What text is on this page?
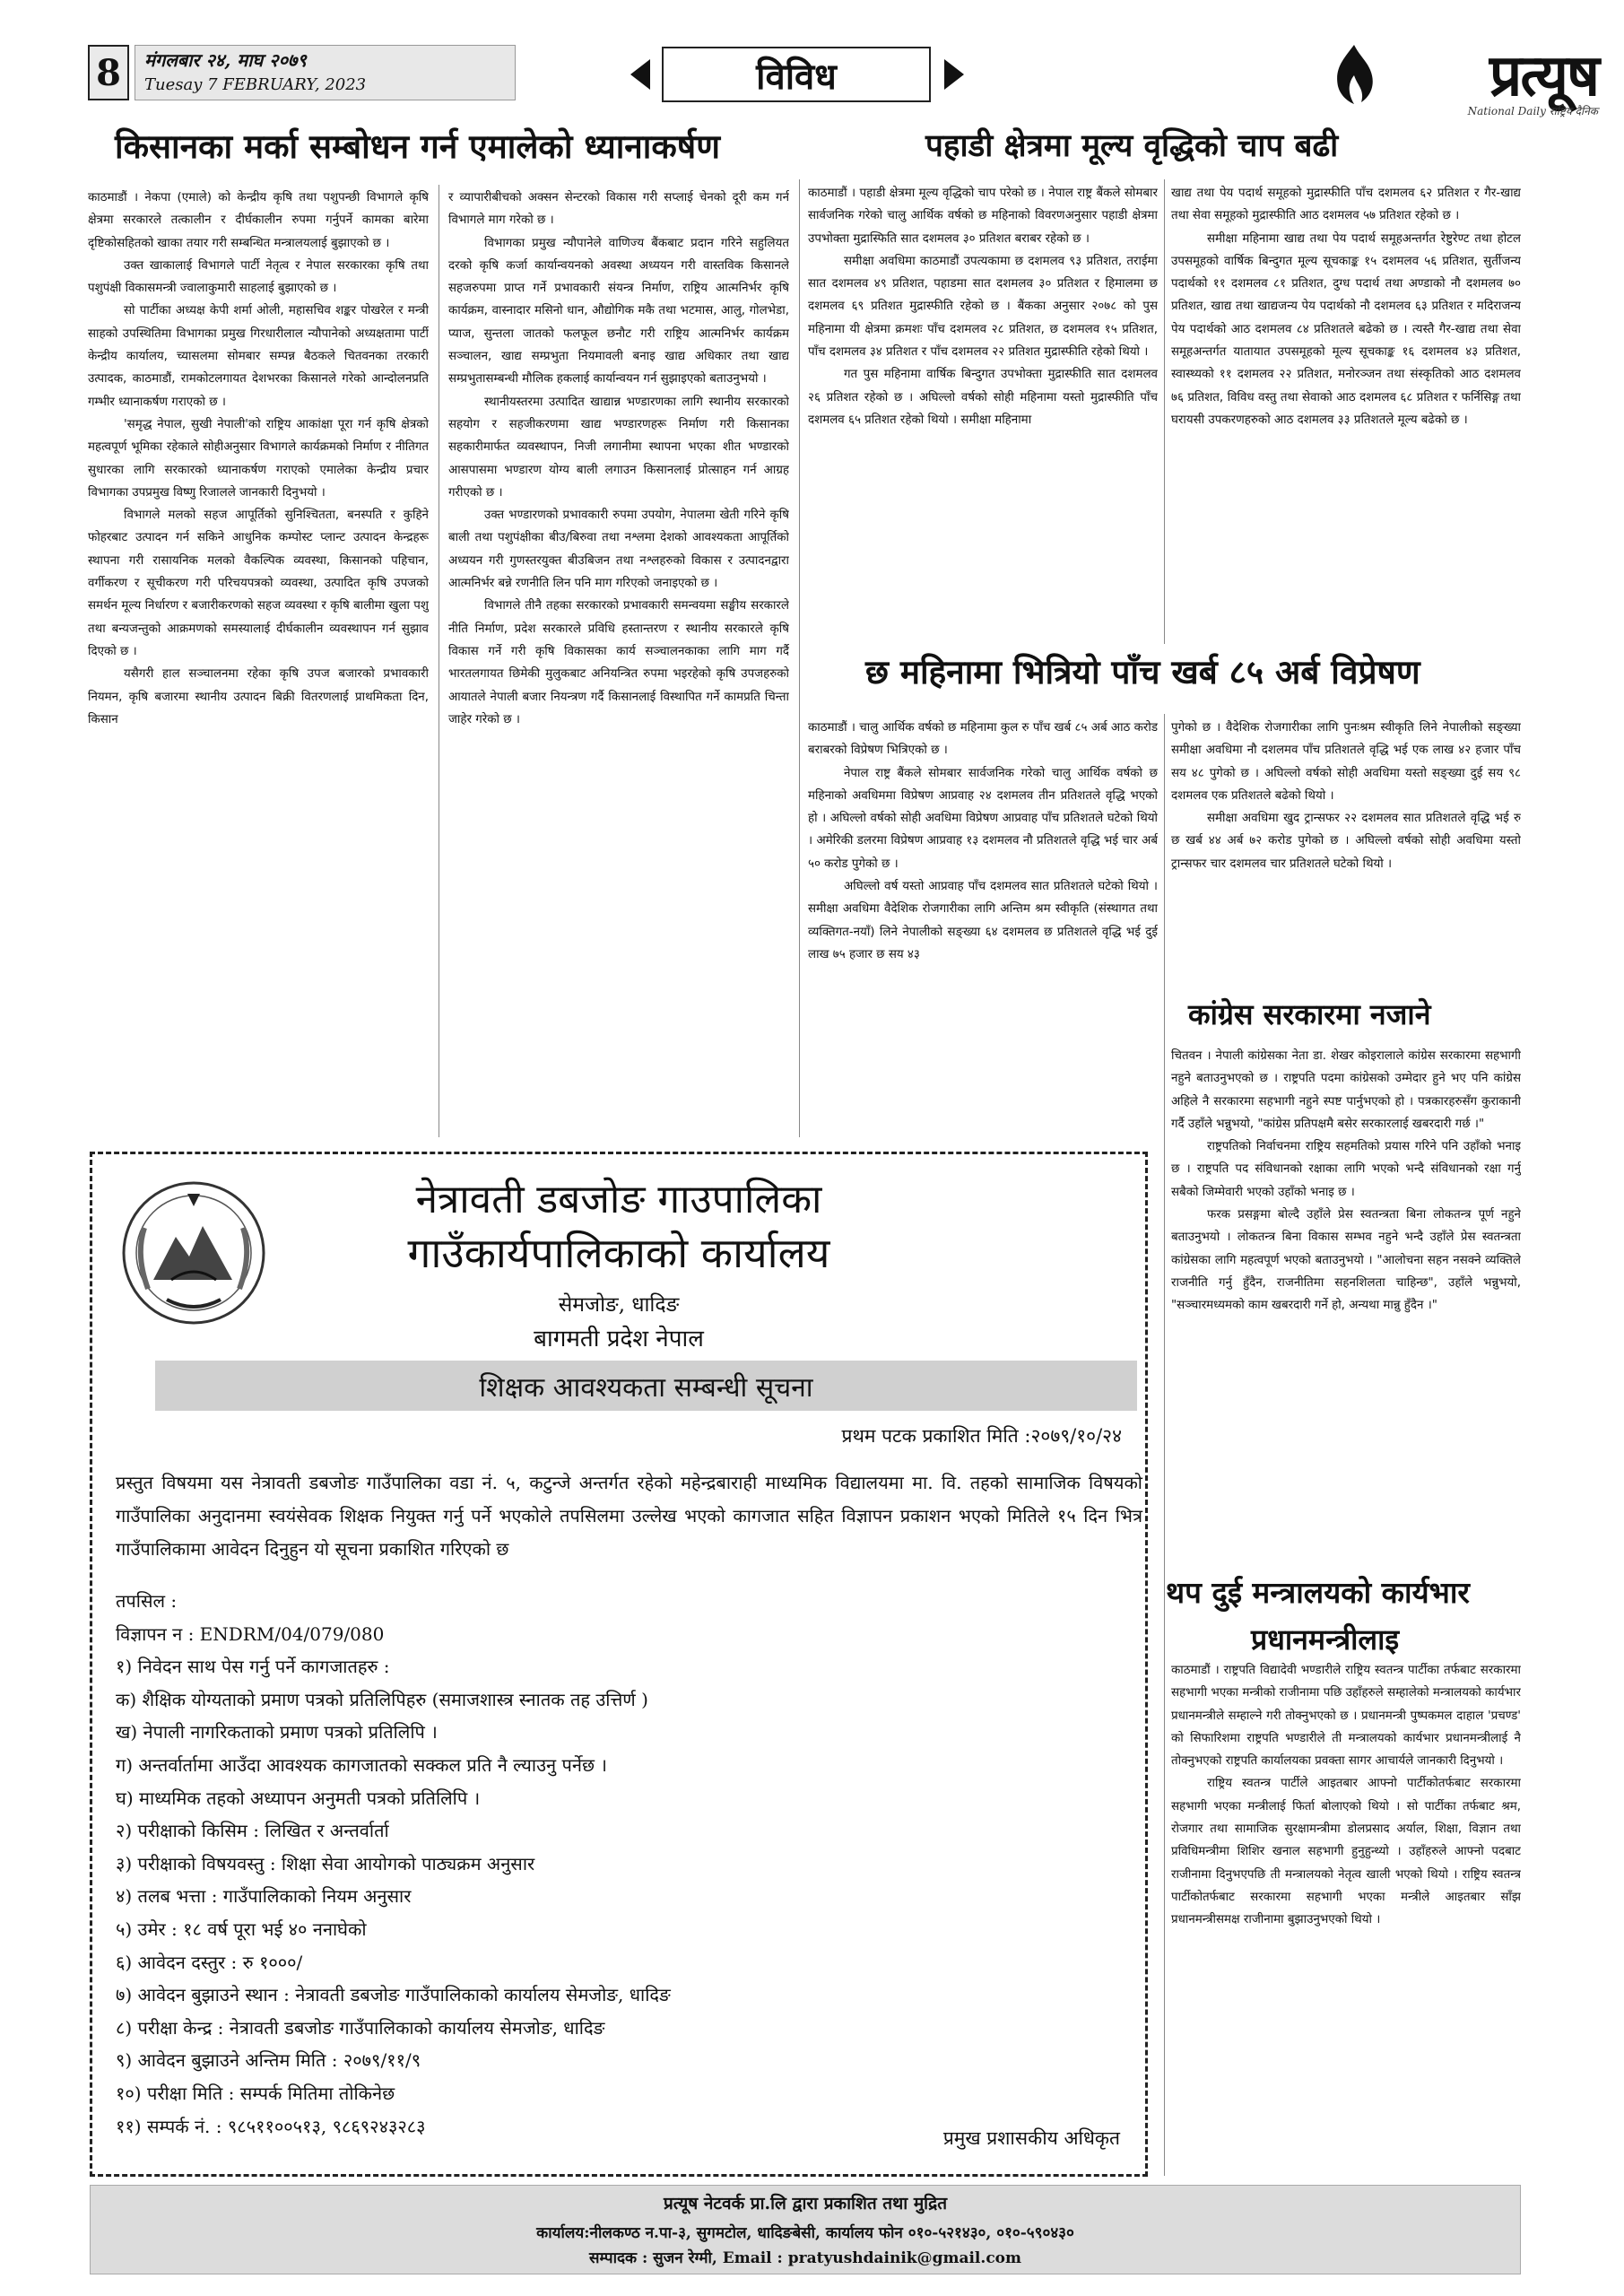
8	मंगलबार २४, माघ २०७९
Tuesay 7 FEBRUARY, 2023	विविध	प्रत्यूष
National Daily राष्ट्रिय दैनिक
किसानका मर्का सम्बोधन गर्न एमालेको ध्यानाकर्षण	पहाडी क्षेत्रमा मूल्य वृद्धिको चाप बढी
छ महिनामा भित्रियो पाँच खर्ब ८५ अर्ब विप्रेषण
कांग्रेस सरकारमा नजाने
थप दुई मन्त्रालयको कार्यभार
प्रधानमन्त्रीलाइ

काठमाडौं । नेकपा (एमाले) को केन्द्रीय कृषि तथा पशुपन्छी विभागले कृषि क्षेत्रमा सरकारले तत्कालीन र दीर्घकालीन रुपमा गर्नुपर्ने कामका बारेमा दृष्टिकोसहितको खाका तयार गरी सम्बन्धित मन्त्रालयलाई बुझाएको छ ।

उक्त खाकालाई विभागले पार्टी नेतृत्व र नेपाल सरकारका कृषि तथा पशुपंक्षी विकासमन्त्री ज्वालाकुमारी साहलाई बुझाएको छ ।

सो पार्टीका अध्यक्ष केपी शर्मा ओली, महासचिव शङ्कर पोखरेल र मन्त्री साहको उपस्थितिमा विभागका प्रमुख गिरधारीलाल न्यौपानेको अध्यक्षतामा पार्टी केन्द्रीय कार्यालय, च्यासलमा सोमबार सम्पन्न बैठकले चितवनका तरकारी उत्पादक, काठमाडौं, रामकोटलगायत देशभरका किसानले गरेको आन्दोलनप्रति गम्भीर ध्यानाकर्षण गराएको छ ।

'समृद्ध नेपाल, सुखी नेपाली'को राष्ट्रिय आकांक्षा पूरा गर्न कृषि क्षेत्रको महत्वपूर्ण भूमिका रहेकाले सोहीअनुसार विभागले कार्यक्रमको निर्माण र नीतिगत सुधारका लागि सरकारको ध्यानाकर्षण गराएको एमालेका केन्द्रीय प्रचार विभागका उपप्रमुख विष्णु रिजालले जानकारी दिनुभयो ।

विभागले मलको सहज आपूर्तिको सुनिश्चितता, बनस्पति र कुहिने फोहरबाट उत्पादन गर्न सकिने आधुनिक कम्पोस्ट प्लान्ट उत्पादन केन्द्रहरू स्थापना गरी रासायनिक मलको वैकल्पिक व्यवस्था, किसानको पहिचान, वर्गीकरण र सूचीकरण गरी परिचयपत्रको व्यवस्था, उत्पादित कृषि उपजको समर्थन मूल्य निर्धारण र बजारीकरणको सहज व्यवस्था र कृषि बालीमा खुला पशु तथा बन्यजन्तुको आक्रमणको समस्यालाई दीर्घकालीन व्यवस्थापन गर्न सुझाव दिएको छ ।

यसैगरी हाल सञ्चालनमा रहेका कृषि उपज बजारको प्रभावकारी नियमन, कृषि बजारमा स्थानीय उत्पादन बिक्री वितरणलाई प्राथमिकता दिन, किसान

र व्यापारीबीचको अक्सन सेन्टरको विकास गरी सप्लाई चेनको दूरी कम गर्न विभागले माग गरेको छ ।

विभागका प्रमुख न्यौपानेले वाणिज्य बैंकबाट प्रदान गरिने सहुलियत दरको कृषि कर्जा कार्यान्वयनको अवस्था अध्ययन गरी वास्तविक किसानले सहजरुपमा प्राप्त गर्ने प्रभावकारी संयन्त्र निर्माण, राष्ट्रिय आत्मनिर्भर कृषि कार्यक्रम, वास्नादार मसिनो धान, औद्योगिक मकै तथा भटमास, आलु, गोलभेडा, प्याज, सुन्तला जातको फलफूल छनौट गरी राष्ट्रिय आत्मनिर्भर कार्यक्रम सञ्चालन, खाद्य सम्प्रभुता नियमावली बनाइ खाद्य अधिकार तथा खाद्य सम्प्रभुतासम्बन्धी मौलिक हकलाई कार्यान्वयन गर्न सुझाइएको बताउनुभयो ।

स्थानीयस्तरमा उत्पादित खाद्यान्न भण्डारणका लागि स्थानीय सरकारको सहयोग र सहजीकरणमा खाद्य भण्डारणहरू निर्माण गरी किसानका सहकारीमार्फत व्यवस्थापन, निजी लगानीमा स्थापना भएका शीत भण्डारको आसपासमा भण्डारण योग्य बाली लगाउन किसानलाई प्रोत्साहन गर्न आग्रह गरीएको छ ।

उक्त भण्डारणको प्रभावकारी रुपमा उपयोग, नेपालमा खेती गरिने कृषि बाली तथा पशुपंक्षीका बीउ/बिरुवा तथा नश्लमा देशको आवश्यकता आपूर्तिको अध्ययन गरी गुणस्तरयुक्त बीउबिजन तथा नश्लहरुको विकास र उत्पादनद्वारा आत्मनिर्भर बन्ने रणनीति लिन पनि माग गरिएको जनाइएको छ ।

विभागले तीनै तहका सरकारको प्रभावकारी समन्वयमा सङ्घीय सरकारले नीति निर्माण, प्रदेश सरकारले प्रविधि हस्तान्तरण र स्थानीय सरकारले कृषि विकास गर्ने गरी कृषि विकासका कार्य सञ्चालनकाका लागि माग गर्दै भारतलगायत छिमेकी मुलुकबाट अनियन्त्रित रुपमा भइरहेको कृषि उपजहरुको आयातले नेपाली बजार नियन्त्रण गर्दै किसानलाई विस्थापित गर्ने कामप्रति चिन्ता जाहेर गरेको छ ।

काठमाडौं । पहाडी क्षेत्रमा मूल्य वृद्धिको चाप परेको छ । नेपाल राष्ट्र बैंकले सोमबार सार्वजनिक गरेको चालु आर्थिक वर्षको छ महिनाको विवरणअनुसार पहाडी क्षेत्रमा उपभोक्ता मुद्रास्फिति सात दशमलव ३० प्रतिशत बराबर रहेको छ ।

समीक्षा अवधिमा काठमाडौं उपत्यकामा छ दशमलव ९३ प्रतिशत, तराईमा सात दशमलव ४९ प्रतिशत, पहाडमा सात दशमलव ३० प्रतिशत र हिमालमा छ दशमलव ६९ प्रतिशत मुद्रास्फीति रहेको छ । बैंकका अनुसार २०७८ को पुस महिनामा यी क्षेत्रमा क्रमशः पाँच दशमलव २८ प्रतिशत, छ दशमलव १५ प्रतिशत, पाँच दशमलव ३४ प्रतिशत र पाँच दशमलव २२ प्रतिशत मुद्रास्फीति रहेको थियो ।

गत पुस महिनामा वार्षिक बिन्दुगत उपभोक्ता मुद्रास्फीति सात दशमलव २६ प्रतिशत रहेको छ । अघिल्लो वर्षको सोही महिनामा यस्तो मुद्रास्फीति पाँच दशमलव ६५ प्रतिशत रहेको थियो । समीक्षा महिनामा

खाद्य तथा पेय पदार्थ समूहको मुद्रास्फीति पाँच दशमलव ६२ प्रतिशत र गैर-खाद्य तथा सेवा समूहको मुद्रास्फीति आठ दशमलव ५७ प्रतिशत रहेको छ ।

समीक्षा महिनामा खाद्य तथा पेय पदार्थ समूहअन्तर्गत रेष्टुरेण्ट तथा होटल उपसमूहको वार्षिक बिन्दुगत मूल्य सूचकाङ्क १५ दशमलव ५६ प्रतिशत, सुर्तीजन्य पदार्थको ११ दशमलव ८१ प्रतिशत, दुग्ध पदार्थ तथा अण्डाको नौ दशमलव ७० प्रतिशत, खाद्य तथा खाद्यजन्य पेय पदार्थको नौ दशमलव ६३ प्रतिशत र मदिराजन्य पेय पदार्थको आठ दशमलव ८४ प्रतिशतले बढेको छ । त्यस्तै गैर-खाद्य तथा सेवा समूहअन्तर्गत यातायात उपसमूहको मूल्य सूचकाङ्क १६ दशमलव ४३ प्रतिशत, स्वास्थ्यको ११ दशमलव २२ प्रतिशत, मनोरञ्जन तथा संस्कृतिको आठ दशमलव ७६ प्रतिशत, विविध वस्तु तथा सेवाको आठ दशमलव ६८ प्रतिशत र फर्निसिङ्ग तथा घरायसी उपकरणहरुको आठ दशमलव ३३ प्रतिशतले मूल्य बढेको छ ।

काठमाडौं । चालु आर्थिक वर्षको छ महिनामा कुल रु पाँच खर्ब ८५ अर्ब आठ करोड बराबरको विप्रेषण भित्रिएको छ ।

नेपाल राष्ट्र बैंकले सोमबार सार्वजनिक गरेको चालु आर्थिक वर्षको छ महिनाको अवधिममा विप्रेषण आप्रवाह २४ दशमलव तीन प्रतिशतले वृद्धि भएको हो । अघिल्लो वर्षको सोही अवधिमा विप्रेषण आप्रवाह पाँच प्रतिशतले घटेको थियो । अमेरिकी डलरमा विप्रेषण आप्रवाह १३ दशमलव नौ प्रतिशतले वृद्धि भई चार अर्ब ५० करोड पुगेको छ ।

अघिल्लो वर्ष यस्तो आप्रवाह पाँच दशमलव सात प्रतिशतले घटेको थियो । समीक्षा अवधिमा वैदेशिक रोजगारीका लागि अन्तिम श्रम स्वीकृति (संस्थागत तथा व्यक्तिगत-नयाँ) लिने नेपालीको सङ्ख्या ६४ दशमलव छ प्रतिशतले वृद्धि भई दुई लाख ७५ हजार छ सय ४३

पुगेको छ । वैदेशिक रोजगारीका लागि पुनःश्रम स्वीकृति लिने नेपालीको सङ्ख्या समीक्षा अवधिमा नौ दशलमव पाँच प्रतिशतले वृद्धि भई एक लाख ४२ हजार पाँच सय ४८ पुगेको छ । अघिल्लो वर्षको सोही अवधिमा यस्तो सङ्ख्या दुई सय ९८ दशमलव एक प्रतिशतले बढेको थियो ।

समीक्षा अवधिमा खुद ट्रान्सफर २२ दशमलव सात प्रतिशतले वृद्धि भई रु छ खर्ब ४४ अर्ब ७२ करोड पुगेको छ । अघिल्लो वर्षको सोही अवधिमा यस्तो ट्रान्सफर चार दशमलव चार प्रतिशतले घटेको थियो ।

चितवन । नेपाली कांग्रेसका नेता डा. शेखर कोइरालाले कांग्रेस सरकारमा सहभागी नहुने बताउनुभएको छ । राष्ट्रपति पदमा कांग्रेसको उम्मेदार हुने भए पनि कांग्रेस अहिले नै सरकारमा सहभागी नहुने स्पष्ट पार्नुभएको हो । पत्रकारहरुसँग कुराकानी गर्दै उहाँले भन्नुभयो, "कांग्रेस प्रतिपक्षमै बसेर सरकारलाई खबरदारी गर्छ ।"

राष्ट्रपतिको निर्वाचनमा राष्ट्रिय सहमतिको प्रयास गरिने पनि उहाँको भनाइ छ । राष्ट्रपति पद संविधानको रक्षाका लागि भएको भन्दै संविधानको रक्षा गर्नु सबैको जिम्मेवारी भएको उहाँको भनाइ छ ।

फरक प्रसङ्गमा बोल्दै उहाँले प्रेस स्वतन्त्रता बिना लोकतन्त्र पूर्ण नहुने बताउनुभयो । लोकतन्त्र बिना विकास सम्भव नहुने भन्दै उहाँले प्रेस स्वतन्त्रता कांग्रेसका लागि महत्वपूर्ण भएको बताउनुभयो । "आलोचना सहन नसक्ने व्यक्तिले राजनीति गर्नु हुँदैन, राजनीतिमा सहनशिलता चाहिन्छ", उहाँले भन्नुभयो, "सञ्चारमध्यमको काम खबरदारी गर्ने हो, अन्यथा मान्नु हुँदैन ।"

काठमाडौं । राष्ट्रपति विद्यादेवी भण्डारीले राष्ट्रिय स्वतन्त्र पार्टीका तर्फबाट सरकारमा सहभागी भएका मन्त्रीको राजीनामा पछि उहाँहरुले सम्हालेको मन्त्रालयको कार्यभार प्रधानमन्त्रीले सम्हाल्ने गरी तोक्नुभएको छ । प्रधानमन्त्री पुष्पकमल दाहाल 'प्रचण्ड' को सिफारिशमा राष्ट्रपति भण्डारीले ती मन्त्रालयको कार्यभार प्रधानमन्त्रीलाई नै तोक्नुभएको राष्ट्रपति कार्यालयका प्रवक्ता सागर आचार्यले जानकारी दिनुभयो ।

राष्ट्रिय स्वतन्त्र पार्टीले आइतबार आफ्नो पार्टीकोतर्फबाट सरकारमा सहभागी भएका मन्त्रीलाई फिर्ता बोलाएको थियो । सो पार्टीका तर्फबाट श्रम, रोजगार तथा सामाजिक सुरक्षामन्त्रीमा डोलप्रसाद अर्याल, शिक्षा, विज्ञान तथा प्रविधिमन्त्रीमा शिशिर खनाल सहभागी हुनुहुन्थ्यो । उहाँहरुले आफ्नो पदबाट राजीनामा दिनुभएपछि ती मन्त्रालयको नेतृत्व खाली भएको थियो । राष्ट्रिय स्वतन्त्र पार्टीकोतर्फबाट सरकारमा सहभागी भएका मन्त्रीले आइतबार साँझ प्रधानमन्त्रीसमक्ष राजीनामा बुझाउनुभएको थियो ।

नेत्रावती डबजोङ गाउपालिका
गाउँकार्यपालिकाको कार्यालय
सेमजोङ, धादिङ
बागमती प्रदेश नेपाल
शिक्षक आवश्यकता सम्बन्धी सूचना
प्रथम पटक प्रकाशित मिति :२०७९/१०/२४
प्रस्तुत विषयमा यस नेत्रावती डबजोङ गाउँपालिका वडा नं. ५, कटुन्जे अन्तर्गत रहेको महेन्द्रबाराही माध्यमिक विद्यालयमा मा. वि. तहको सामाजिक विषयको गाउँपालिका अनुदानमा स्वयंसेवक शिक्षक नियुक्त गर्नु पर्ने भएकोले तपसिलमा उल्लेख भएको कागजात सहित विज्ञापन प्रकाशन भएको मितिले १५ दिन भित्र गाउँपालिकामा आवेदन दिनुहुन यो सूचना प्रकाशित गरिएको छ
तपसिल :
विज्ञापन न : ENDRM/04/079/080
१) निवेदन साथ पेस गर्नु पर्ने कागजातहरु :
क) शैक्षिक योग्यताको प्रमाण पत्रको प्रतिलिपिहरु (समाजशास्त्र स्नातक तह उत्तिर्ण )
ख) नेपाली नागरिकताको प्रमाण पत्रको प्रतिलिपि ।
ग) अन्तर्वार्तामा आउँदा आवश्यक कागजातको सक्कल प्रति नै ल्याउनु पर्नेछ ।
घ) माध्यमिक तहको अध्यापन अनुमती पत्रको प्रतिलिपि ।
२) परीक्षाको किसिम : लिखित र अन्तर्वार्ता
३) परीक्षाको विषयवस्तु : शिक्षा सेवा आयोगको पाठ्यक्रम अनुसार
४) तलब भत्ता : गाउँपालिकाको नियम अनुसार
५) उमेर : १८ वर्ष पूरा भई ४० ननाघेको
६) आवेदन दस्तुर : रु १०००/
७) आवेदन बुझाउने स्थान : नेत्रावती डबजोङ गाउँपालिकाको कार्यालय सेमजोङ, धादिङ
८) परीक्षा केन्द्र : नेत्रावती डबजोङ गाउँपालिकाको कार्यालय सेमजोङ, धादिङ
९) आवेदन बुझाउने अन्तिम मिति : २०७९/११/९
१०) परीक्षा मिति : सम्पर्क मितिमा तोकिनेछ
११) सम्पर्क नं. : ९८५११००५१३, ९८६९२४३२८३
प्रमुख प्रशासकीय अधिकृत
प्रत्यूष नेटवर्क प्रा.लि द्वारा प्रकाशित तथा मुद्रित
कार्यालय:नीलकण्ठ न.पा-३, सुगमटोल, धादिङबेसी, कार्यालय फोन ०१०-५२१४३०, ०१०-५९०४३०
सम्पादक : सुजन रेग्मी, Email : pratyushdainik@gmail.com
